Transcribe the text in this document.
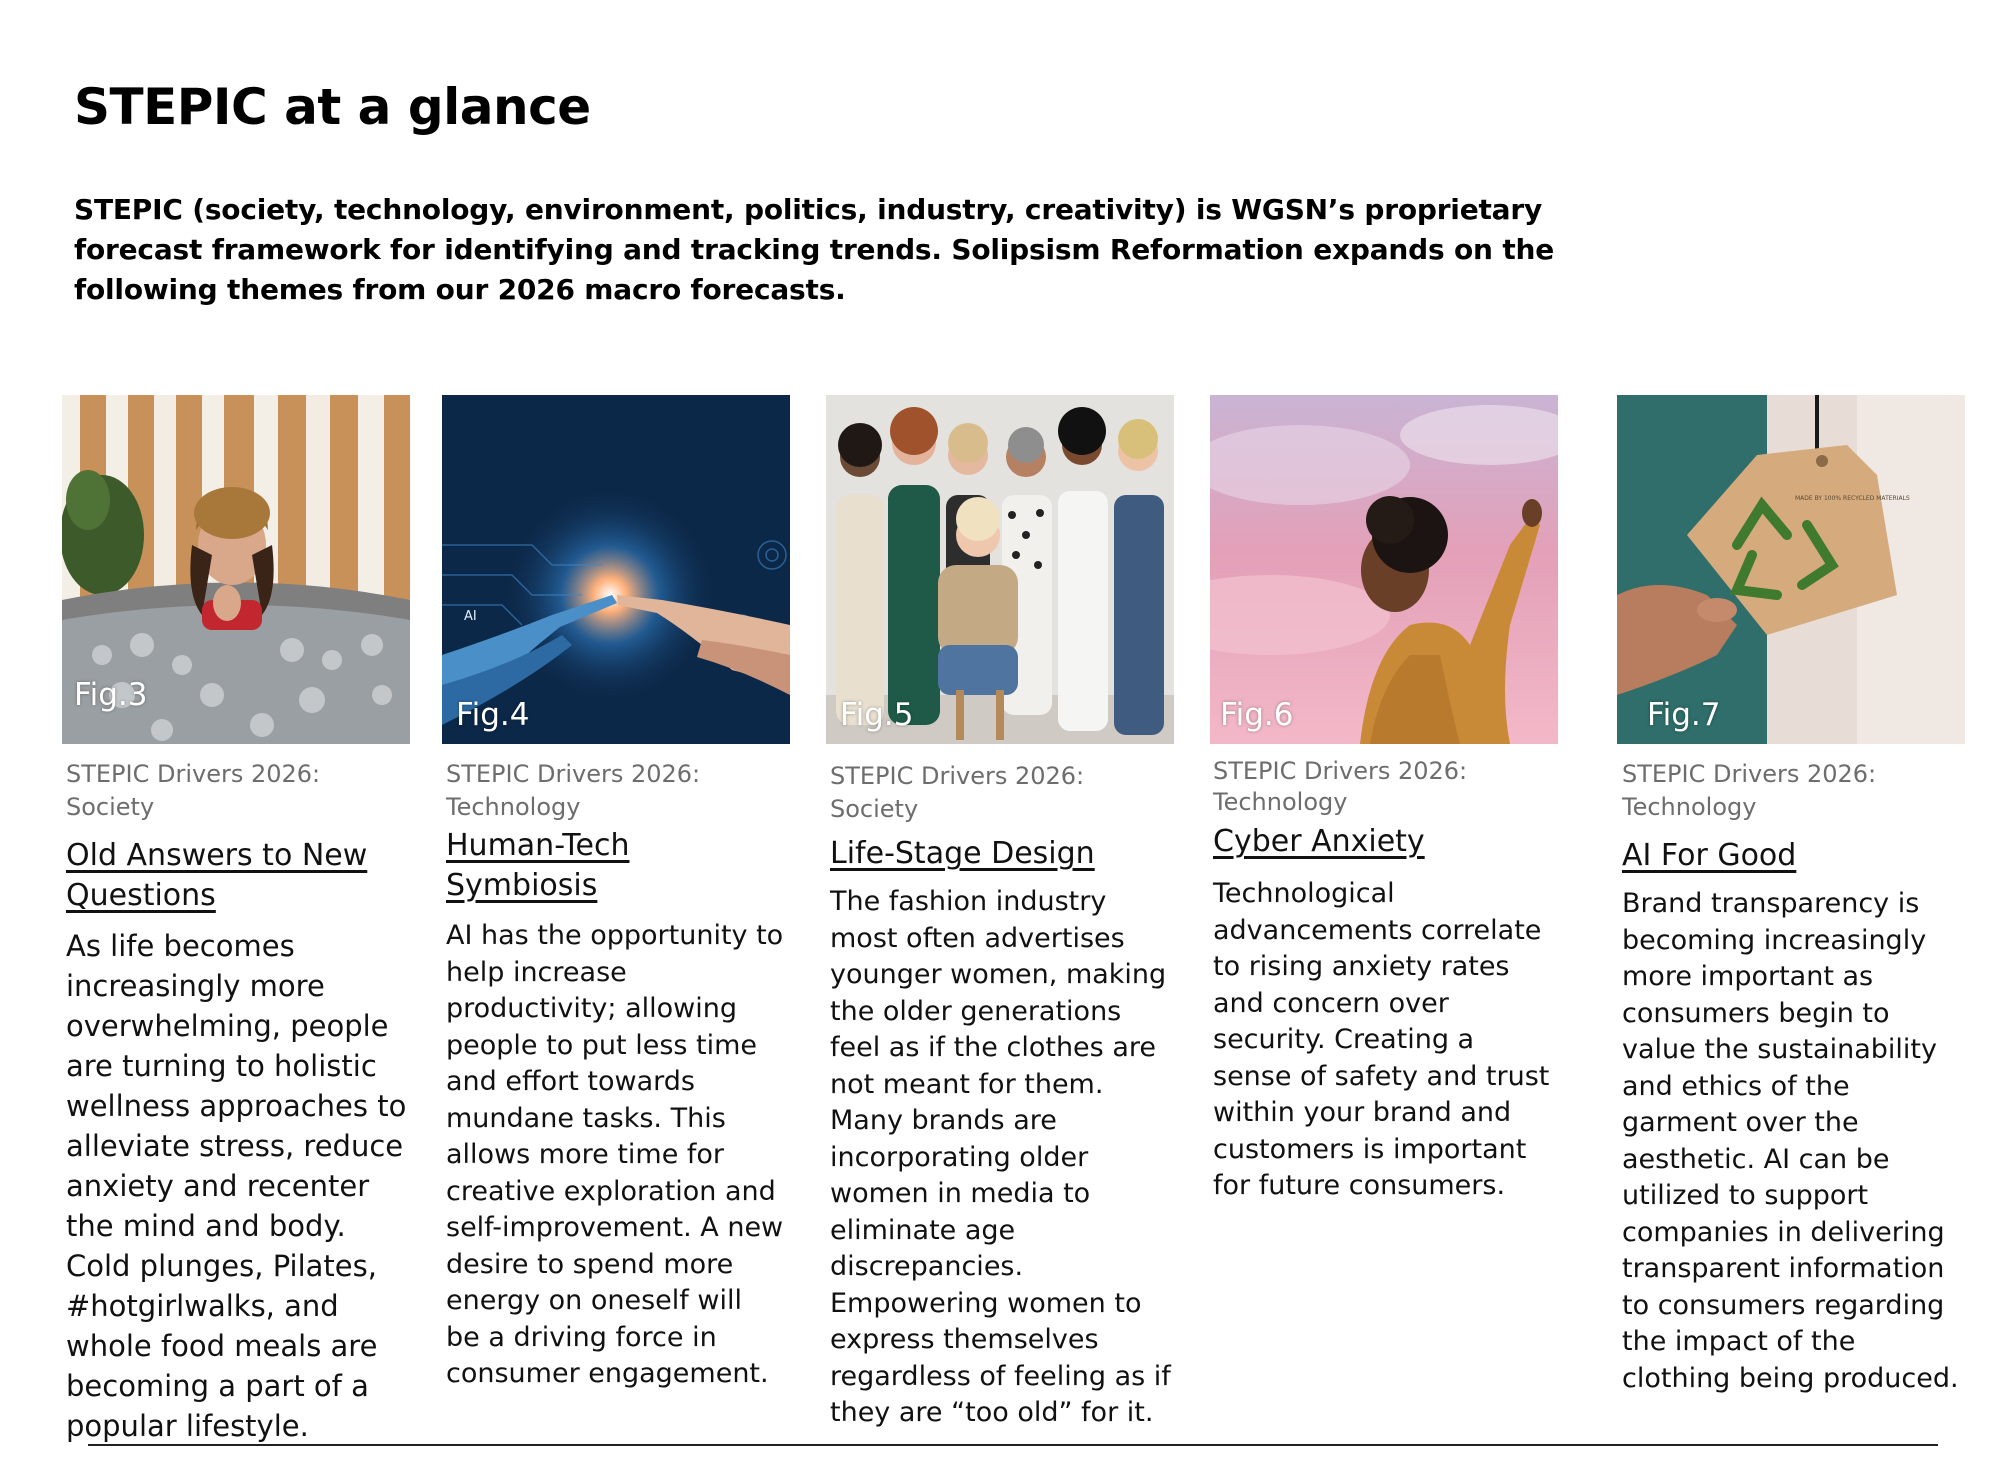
STEPIC at a glance

STEPIC (society, technology, environment, politics, industry, creativity) is WGSN’s proprietary forecast framework for identifying and tracking trends. Solipsism Reformation expands on the following themes from our 2026 macro forecasts.

Fig.3
AI
Fig.4	Fig.5	Fig.6
MADE BY 100% RECYCLED MATERIALS
Fig.7
STEPIC Drivers 2026: Society
Old Answers to New Questions
As life becomes increasingly more overwhelming, people are turning to holistic wellness approaches to alleviate stress, reduce anxiety and recenter the mind and body. Cold plunges, Pilates, #hotgirlwalks, and whole food meals are becoming a part of a popular lifestyle.
STEPIC Drivers 2026: Technology
Human-Tech Symbiosis
AI has the opportunity to help increase productivity; allowing people to put less time and effort towards mundane tasks. This allows more time for creative exploration and self-improvement. A new desire to spend more energy on oneself will be a driving force in consumer engagement.
STEPIC Drivers 2026: Society
Life-Stage Design
The fashion industry most often advertises younger women, making the older generations feel as if the clothes are not meant for them. Many brands are incorporating older women in media to eliminate age discrepancies. Empowering women to express themselves regardless of feeling as if they are “too old” for it.
STEPIC Drivers 2026: Technology
Cyber Anxiety
Technological advancements correlate to rising anxiety rates and concern over security. Creating a sense of safety and trust within your brand and customers is important for future consumers.
STEPIC Drivers 2026: Technology
AI For Good
Brand transparency is becoming increasingly more important as consumers begin to value the sustainability and ethics of the garment over the aesthetic. AI can be utilized to support companies in delivering transparent information to consumers regarding the impact of the clothing being produced.
